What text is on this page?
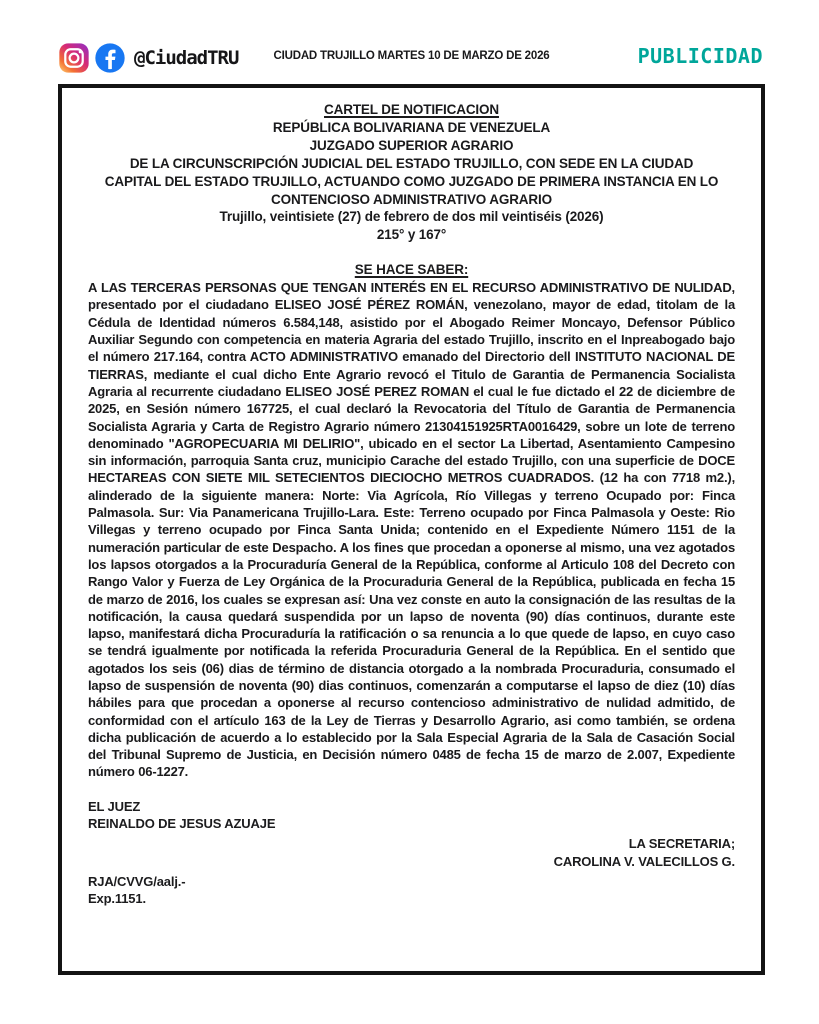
@CiudadTRU	CIUDAD TRUJILLO MARTES 10 DE MARZO DE 2026	PUBLICIDAD
CARTEL DE NOTIFICACION
REPÚBLICA BOLIVARIANA DE VENEZUELA
JUZGADO SUPERIOR AGRARIO
DE LA CIRCUNSCRIPCIÓN JUDICIAL DEL ESTADO TRUJILLO, CON SEDE EN LA CIUDAD
CAPITAL DEL ESTADO TRUJILLO, ACTUANDO COMO JUZGADO DE PRIMERA INSTANCIA EN LO
CONTENCIOSO ADMINISTRATIVO AGRARIO
Trujillo, veintisiete (27) de febrero de dos mil veintiséis (2026)
215° y 167°
SE HACE SABER:

A LAS TERCERAS PERSONAS QUE TENGAN INTERÉS EN EL RECURSO ADMINISTRATIVO DE NULIDAD, presentado por el ciudadano ELISEO JOSÉ PÉREZ ROMÁN, venezolano, mayor de edad, titolam de la Cédula de Identidad números 6.584,148, asistido por el Abogado Reimer Moncayo, Defensor Público Auxiliar Segundo con competencia en materia Agraria del estado Trujillo, inscrito en el Inpreabogado bajo el número 217.164, contra ACTO ADMINISTRATIVO emanado del Directorio dell INSTITUTO NACIONAL DE TIERRAS, mediante el cual dicho Ente Agrario revocó el Titulo de Garantia de Permanencia Socialista Agraria al recurrente ciudadano ELISEO JOSÉ PEREZ ROMAN el cual le fue dictado el 22 de diciembre de 2025, en Sesión número 167725, el cual declaró la Revocatoria del Título de Garantia de Permanencia Socialista Agraria y Carta de Registro Agrario número 21304151925RTA0016429, sobre un lote de terreno denominado "AGROPECUARIA MI DELIRIO", ubicado en el sector La Libertad, Asentamiento Campesino sin información, parroquia Santa cruz, municipio Carache del estado Trujillo, con una superficie de DOCE HECTAREAS CON SIETE MIL SETECIENTOS DIECIOCHO METROS CUADRADOS. (12 ha con 7718 m2.), alinderado de la siguiente manera: Norte: Via Agrícola, Río Villegas y terreno Ocupado por: Finca Palmasola. Sur: Via Panamericana Trujillo-Lara. Este: Terreno ocupado por Finca Palmasola y Oeste: Rio Villegas y terreno ocupado por Finca Santa Unida; contenido en el Expediente Número 1151 de la numeración particular de este Despacho. A los fines que procedan a oponerse al mismo, una vez agotados los lapsos otorgados a la Procuraduría General de la República, conforme al Articulo 108 del Decreto con Rango Valor y Fuerza de Ley Orgánica de la Procuraduria General de la República, publicada en fecha 15 de marzo de 2016, los cuales se expresan así: Una vez conste en auto la consignación de las resultas de la notificación, la causa quedará suspendida por un lapso de noventa (90) días continuos, durante este lapso, manifestará dicha Procuraduría la ratificación o sa renuncia a lo que quede de lapso, en cuyo caso se tendrá igualmente por notificada la referida Procuraduria General de la República. En el sentido que agotados los seis (06) dias de término de distancia otorgado a la nombrada Procuraduria, consumado el lapso de suspensión de noventa (90) dias continuos, comenzarán a computarse el lapso de diez (10) días hábiles para que procedan a oponerse al recurso contencioso administrativo de nulidad admitido, de conformidad con el artículo 163 de la Ley de Tierras y Desarrollo Agrario, asi como también, se ordena dicha publicación de acuerdo a lo establecido por la Sala Especial Agraria de la Sala de Casación Social del Tribunal Supremo de Justicia, en Decisión número 0485 de fecha 15 de marzo de 2.007, Expediente número 06-1227.

EL JUEZ
REINALDO DE JESUS AZUAJE
LA SECRETARIA;
CAROLINA V. VALECILLOS G.
RJA/CVVG/aalj.-
Exp.1151.
